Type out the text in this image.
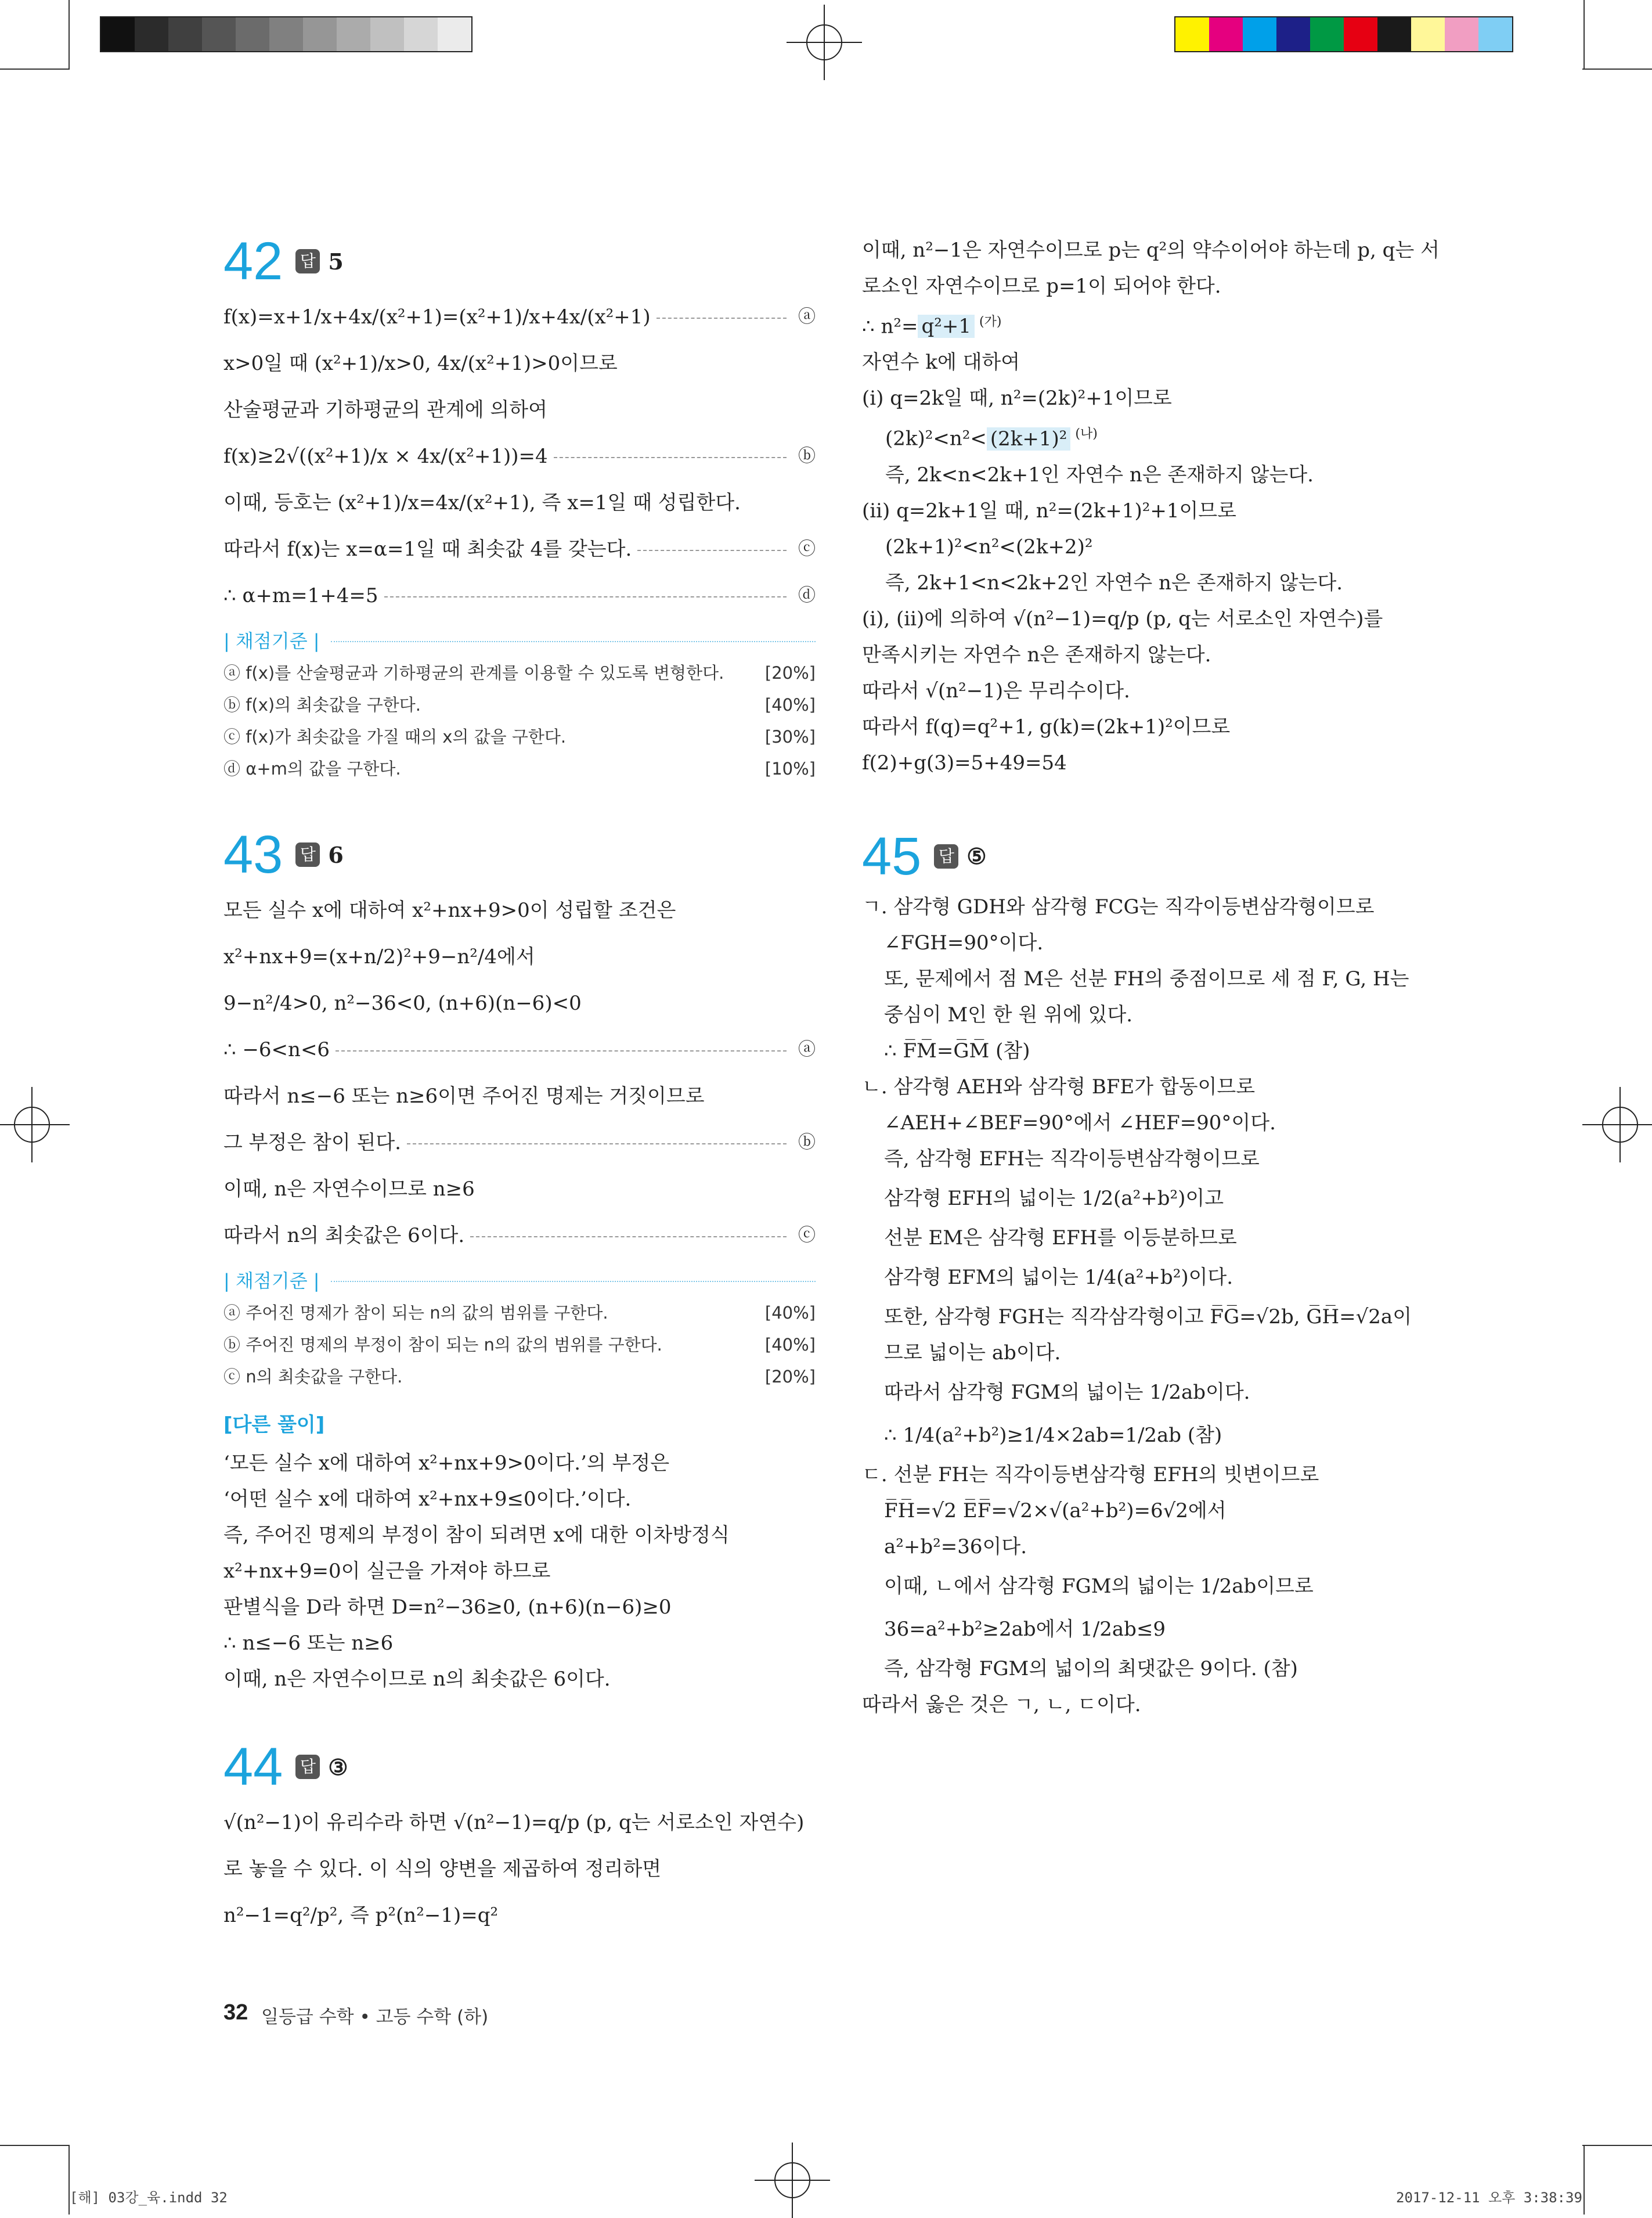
42 답 5
f(x)=x+1/x+4x/(x²+1)=(x²+1)/x+4x/(x²+1)	ⓐ
x>0일 때 (x²+1)/x>0, 4x/(x²+1)>0이므로
산술평균과 기하평균의 관계에 의하여
f(x)≥2√((x²+1)/x × 4x/(x²+1))=4	ⓑ
이때, 등호는 (x²+1)/x=4x/(x²+1), 즉 x=1일 때 성립한다.
따라서 f(x)는 x=α=1일 때 최솟값 4를 갖는다.	ⓒ
∴ α+m=1+4=5	ⓓ
| 채점기준 |
ⓐ f(x)를 산술평균과 기하평균의 관계를 이용할 수 있도록 변형한다. [20%]
ⓑ f(x)의 최솟값을 구한다.	[40%]
ⓒ f(x)가 최솟값을 가질 때의 x의 값을 구한다.	[30%]
ⓓ α+m의 값을 구한다.	[10%]
43 답 6
모든 실수 x에 대하여 x²+nx+9>0이 성립할 조건은
x²+nx+9=(x+n/2)²+9−n²/4에서
9−n²/4>0, n²−36<0, (n+6)(n−6)<0
∴ −6<n<6	ⓐ
따라서 n≤−6 또는 n≥6이면 주어진 명제는 거짓이므로
그 부정은 참이 된다.	ⓑ
이때, n은 자연수이므로 n≥6
따라서 n의 최솟값은 6이다.	ⓒ
| 채점기준 |
ⓐ 주어진 명제가 참이 되는 n의 값의 범위를 구한다.	[40%]
ⓑ 주어진 명제의 부정이 참이 되는 n의 값의 범위를 구한다.	[40%]
ⓒ n의 최솟값을 구한다.	[20%]
[다른 풀이]
‘모든 실수 x에 대하여 x²+nx+9>0이다.’의 부정은
‘어떤 실수 x에 대하여 x²+nx+9≤0이다.’이다.
즉, 주어진 명제의 부정이 참이 되려면 x에 대한 이차방정식
x²+nx+9=0이 실근을 가져야 하므로
판별식을 D라 하면 D=n²−36≥0, (n+6)(n−6)≥0
∴ n≤−6 또는 n≥6
이때, n은 자연수이므로 n의 최솟값은 6이다.
44 답 ③
√(n²−1)이 유리수라 하면 √(n²−1)=q/p (p, q는 서로소인 자연수)
로 놓을 수 있다. 이 식의 양변을 제곱하여 정리하면
n²−1=q²/p², 즉 p²(n²−1)=q²
이때, n²−1은 자연수이므로 p는 q²의 약수이어야 하는데 p, q는 서
로소인 자연수이므로 p=1이 되어야 한다.
∴ n²= q²+1 $^{(가)}$
자연수 k에 대하여
(ⅰ) q=2k일 때, n²=(2k)²+1이므로
(2k)²<n²< (2k+1)² $^{(나)}$
즉, 2k<n<2k+1인 자연수 n은 존재하지 않는다.
(ⅱ) q=2k+1일 때, n²=(2k+1)²+1이므로
(2k+1)²<n²<(2k+2)²
즉, 2k+1<n<2k+2인 자연수 n은 존재하지 않는다.
(ⅰ), (ⅱ)에 의하여 √(n²−1)=q/p (p, q는 서로소인 자연수)를
만족시키는 자연수 n은 존재하지 않는다.
따라서 √(n²−1)은 무리수이다.
따라서 f(q)=q²+1, g(k)=(2k+1)²이므로
f(2)+g(3)=5+49=54
45 답 ⑤
ㄱ. 삼각형 GDH와 삼각형 FCG는 직각이등변삼각형이므로
∠FGH=90°이다.
또, 문제에서 점 M은 선분 FH의 중점이므로 세 점 F, G, H는
중심이 M인 한 원 위에 있다.
∴ F̅M̅=G̅M̅ (참)
ㄴ. 삼각형 AEH와 삼각형 BFE가 합동이므로
∠AEH+∠BEF=90°에서 ∠HEF=90°이다.
즉, 삼각형 EFH는 직각이등변삼각형이므로
삼각형 EFH의 넓이는 1/2(a²+b²)이고
선분 EM은 삼각형 EFH를 이등분하므로
삼각형 EFM의 넓이는 1/4(a²+b²)이다.
또한, 삼각형 FGH는 직각삼각형이고 F̅G̅=√2b, G̅H̅=√2a이
므로 넓이는 ab이다.
따라서 삼각형 FGM의 넓이는 1/2ab이다.
∴ 1/4(a²+b²)≥1/4×2ab=1/2ab (참)
ㄷ. 선분 FH는 직각이등변삼각형 EFH의 빗변이므로
F̅H̅=√2 E̅F̅=√2×√(a²+b²)=6√2에서
a²+b²=36이다.
이때, ㄴ에서 삼각형 FGM의 넓이는 1/2ab이므로
36=a²+b²≥2ab에서 1/2ab≤9
즉, 삼각형 FGM의 넓이의 최댓값은 9이다. (참)
따라서 옳은 것은 ㄱ, ㄴ, ㄷ이다.
32 일등급 수학 • 고등 수학 (하)
[해] 03강_육.indd 32	2017-12-11 오후 3:38:39
